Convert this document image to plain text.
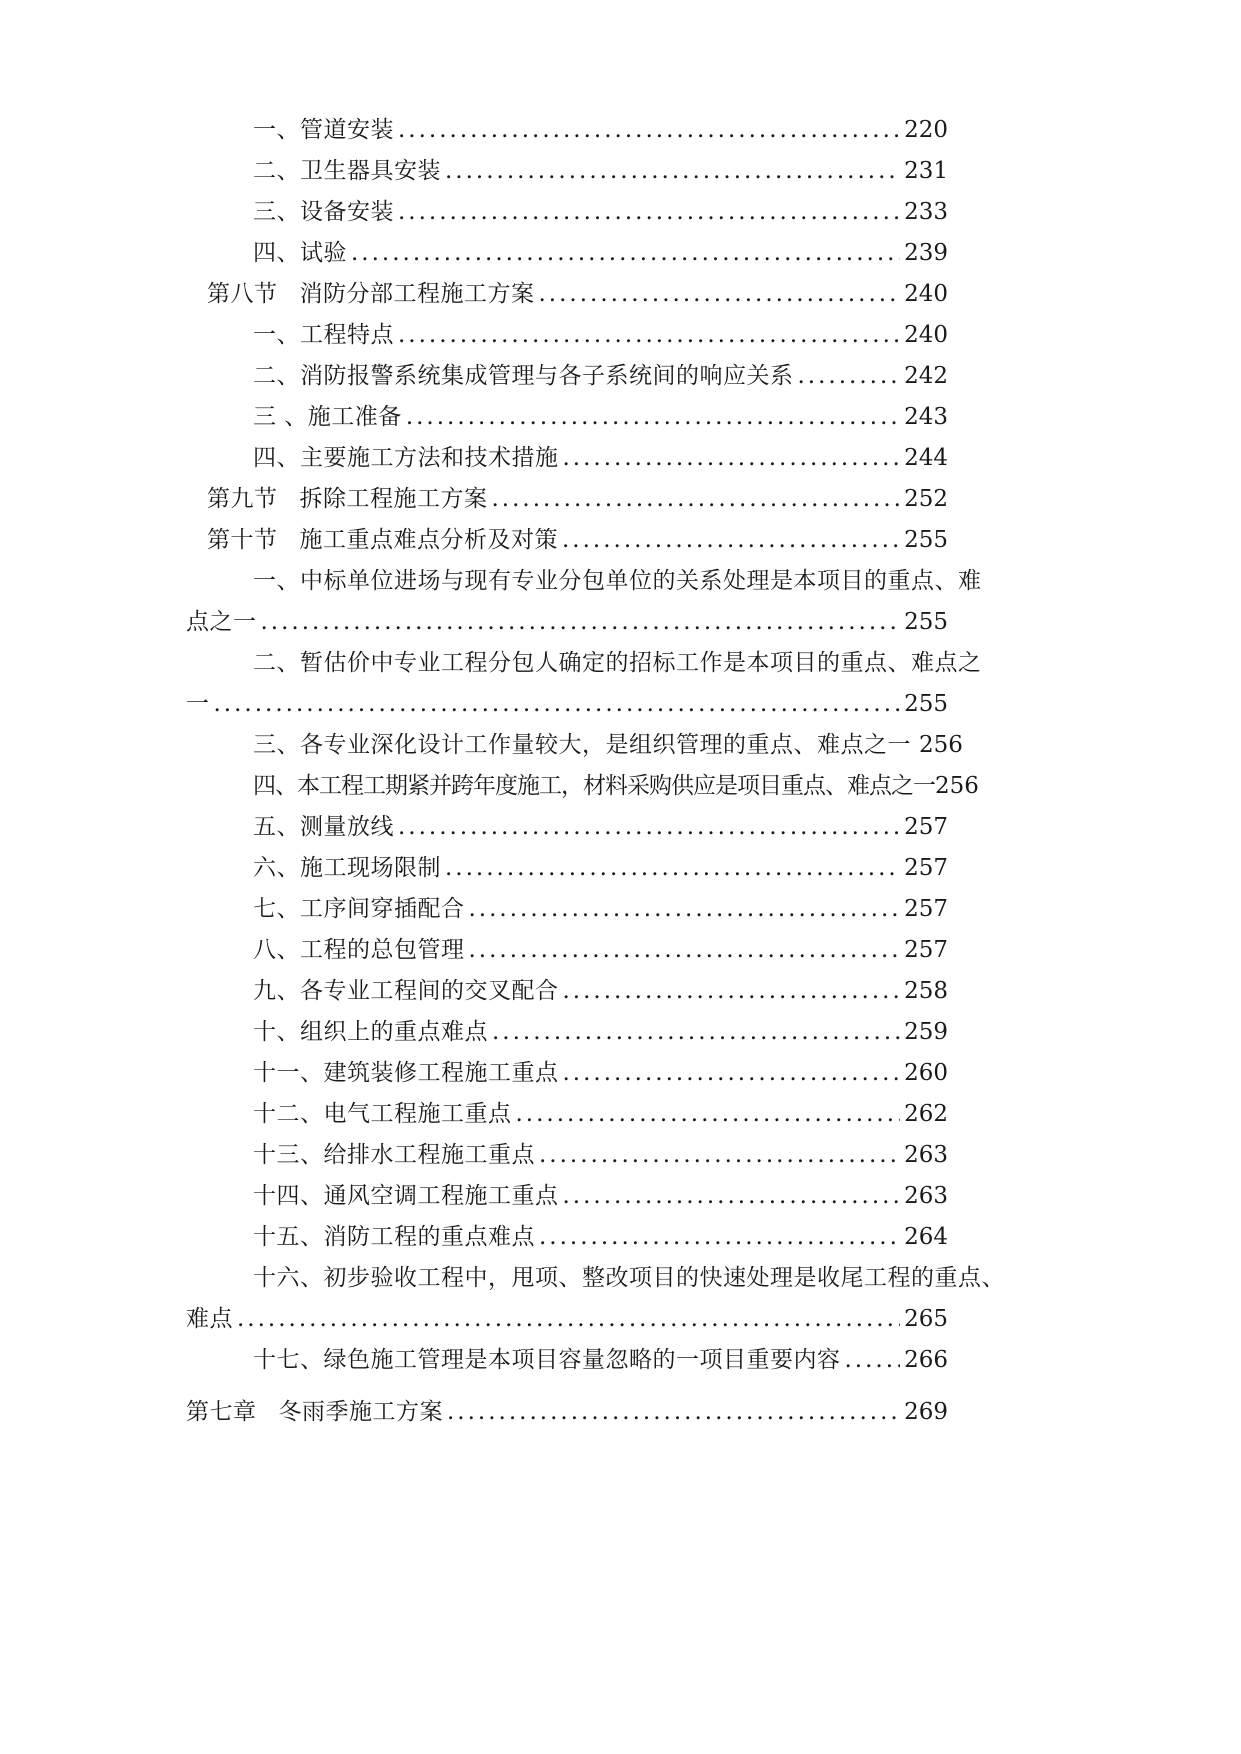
一、管道安装 .....	220
二、卫生器具安装 .....	231
三、设备安装 .....	233
四、试验 .....	239
第八节 消防分部工程施工方案 .....	240
一、工程特点 .....	240
二、消防报警系统集成管理与各子系统间的响应关系 .....	242
三 、施工准备 .....	243
四、主要施工方法和技术措施 .....	244
第九节 拆除工程施工方案 .....	252
第十节 施工重点难点分析及对策 .....	255
一、中标单位进场与现有专业分包单位的关系处理是本项目的重点、难
点之一 .....	255
二、暂估价中专业工程分包人确定的招标工作是本项目的重点、难点之
一 .....	255
三、各专业深化设计工作量较大，是组织管理的重点、难点之一 256
四、本工程工期紧并跨年度施工，材料采购供应是项目重点、难点之一 256
五、测量放线 .....	257
六、施工现场限制 .....	257
七、工序间穿插配合 .....	257
八、工程的总包管理 .....	257
九、各专业工程间的交叉配合 .....	258
十、组织上的重点难点 .....	259
十一、建筑装修工程施工重点 .....	260
十二、电气工程施工重点 .....	262
十三、给排水工程施工重点 .....	263
十四、通风空调工程施工重点 .....	263
十五、消防工程的重点难点 .....	264
十六、初步验收工程中，甩项、整改项目的快速处理是收尾工程的重点、
难点 .....	265
十七、绿色施工管理是本项目容量忽略的一项目重要内容 .....	266
第七章 冬雨季施工方案 .....	269
